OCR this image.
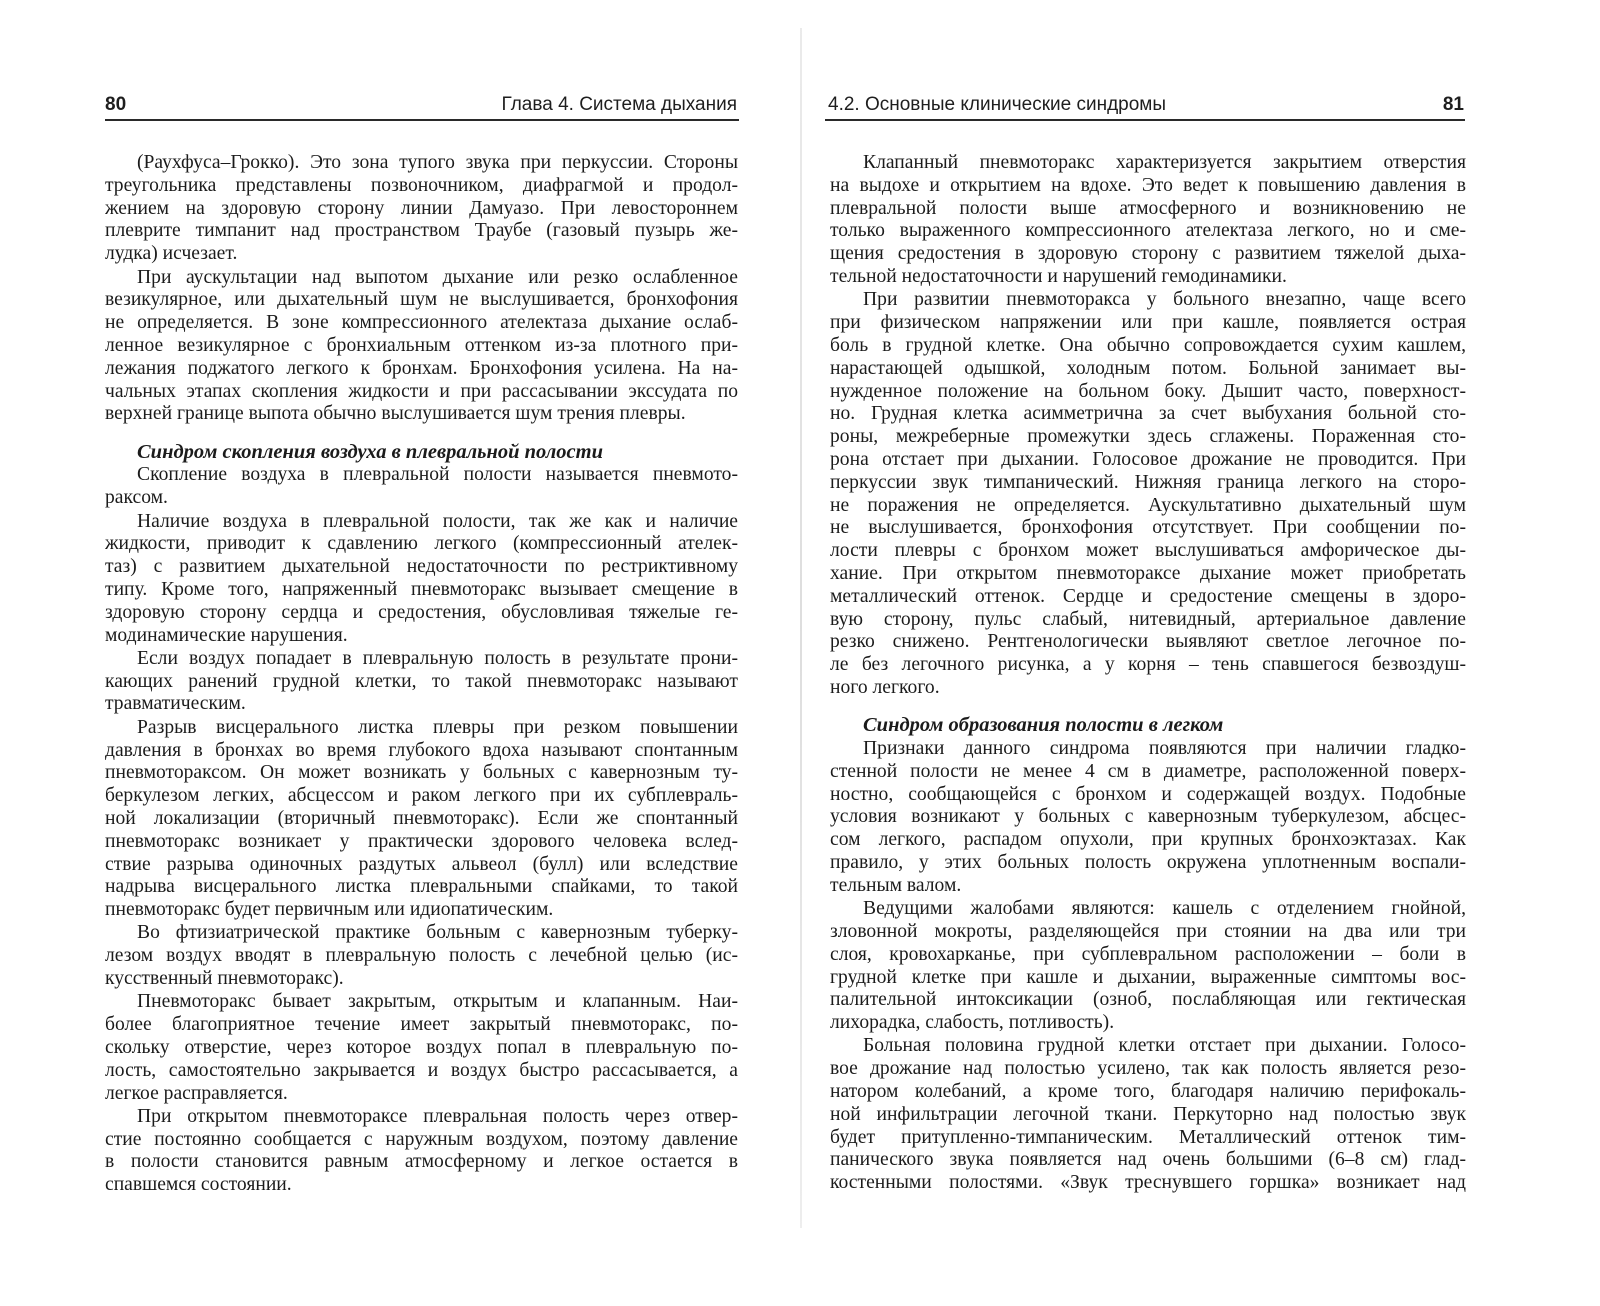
80	Глава 4. Система дыхания
(Раухфуса–Грокко). Это зона тупого звука при перкуссии. Стороны
треугольника представлены позвоночником, диафрагмой и продол-
жением на здоровую сторону линии Дамуазо. При левостороннем
плеврите тимпанит над пространством Траубе (газовый пузырь же-
лудка) исчезает.
При аускультации над выпотом дыхание или резко ослабленное
везикулярное, или дыхательный шум не выслушивается, бронхофония
не определяется. В зоне компрессионного ателектаза дыхание ослаб-
ленное везикулярное с бронхиальным оттенком из-за плотного при-
лежания поджатого легкого к бронхам. Бронхофония усилена. На на-
чальных этапах скопления жидкости и при рассасывании экссудата по
верхней границе выпота обычно выслушивается шум трения плевры.
Синдром скопления воздуха в плевральной полости
Скопление воздуха в плевральной полости называется пневмото-
раксом.
Наличие воздуха в плевральной полости, так же как и наличие
жидкости, приводит к сдавлению легкого (компрессионный ателек-
таз) с развитием дыхательной недостаточности по рестриктивному
типу. Кроме того, напряженный пневмоторакс вызывает смещение в
здоровую сторону сердца и средостения, обусловливая тяжелые ге-
модинамические нарушения.
Если воздух попадает в плевральную полость в результате прони-
кающих ранений грудной клетки, то такой пневмоторакс называют
травматическим.
Разрыв висцерального листка плевры при резком повышении
давления в бронхах во время глубокого вдоха называют спонтанным
пневмотораксом. Он может возникать у больных с кавернозным ту-
беркулезом легких, абсцессом и раком легкого при их субплевраль-
ной локализации (вторичный пневмоторакс). Если же спонтанный
пневмоторакс возникает у практически здорового человека вслед-
ствие разрыва одиночных раздутых альвеол (булл) или вследствие
надрыва висцерального листка плевральными спайками, то такой
пневмоторакс будет первичным или идиопатическим.
Во фтизиатрической практике больным с кавернозным туберку-
лезом воздух вводят в плевральную полость с лечебной целью (ис-
кусственный пневмоторакс).
Пневмоторакс бывает закрытым, открытым и клапанным. Наи-
более благоприятное течение имеет закрытый пневмоторакс, по-
скольку отверстие, через которое воздух попал в плевральную по-
лость, самостоятельно закрывается и воздух быстро рассасывается, а
легкое расправляется.
При открытом пневмотораксе плевральная полость через отвер-
стие постоянно сообщается с наружным воздухом, поэтому давление
в полости становится равным атмосферному и легкое остается в
спавшемся состоянии.
4.2. Основные клинические синдромы	81
Клапанный пневмоторакс характеризуется закрытием отверстия
на выдохе и открытием на вдохе. Это ведет к повышению давления в
плевральной полости выше атмосферного и возникновению не
только выраженного компрессионного ателектаза легкого, но и сме-
щения средостения в здоровую сторону с развитием тяжелой дыха-
тельной недостаточности и нарушений гемодинамики.
При развитии пневмоторакса у больного внезапно, чаще всего
при физическом напряжении или при кашле, появляется острая
боль в грудной клетке. Она обычно сопровождается сухим кашлем,
нарастающей одышкой, холодным потом. Больной занимает вы-
нужденное положение на больном боку. Дышит часто, поверхност-
но. Грудная клетка асимметрична за счет выбухания больной сто-
роны, межреберные промежутки здесь сглажены. Пораженная сто-
рона отстает при дыхании. Голосовое дрожание не проводится. При
перкуссии звук тимпанический. Нижняя граница легкого на сторо-
не поражения не определяется. Аускультативно дыхательный шум
не выслушивается, бронхофония отсутствует. При сообщении по-
лости плевры с бронхом может выслушиваться амфорическое ды-
хание. При открытом пневмотораксе дыхание может приобретать
металлический оттенок. Сердце и средостение смещены в здоро-
вую сторону, пульс слабый, нитевидный, артериальное давление
резко снижено. Рентгенологически выявляют светлое легочное по-
ле без легочного рисунка, а у корня – тень спавшегося безвоздуш-
ного легкого.
Синдром образования полости в легком
Признаки данного синдрома появляются при наличии гладко-
стенной полости не менее 4 см в диаметре, расположенной поверх-
ностно, сообщающейся с бронхом и содержащей воздух. Подобные
условия возникают у больных с кавернозным туберкулезом, абсцес-
сом легкого, распадом опухоли, при крупных бронхоэктазах. Как
правило, у этих больных полость окружена уплотненным воспали-
тельным валом.
Ведущими жалобами являются: кашель с отделением гнойной,
зловонной мокроты, разделяющейся при стоянии на два или три
слоя, кровохарканье, при субплевральном расположении – боли в
грудной клетке при кашле и дыхании, выраженные симптомы вос-
палительной интоксикации (озноб, послабляющая или гектическая
лихорадка, слабость, потливость).
Больная половина грудной клетки отстает при дыхании. Голосо-
вое дрожание над полостью усилено, так как полость является резо-
натором колебаний, а кроме того, благодаря наличию перифокаль-
ной инфильтрации легочной ткани. Перкуторно над полостью звук
будет притупленно-тимпаническим. Металлический оттенок тим-
панического звука появляется над очень большими (6–8 см) глад-
костенными полостями. «Звук треснувшего горшка» возникает над
